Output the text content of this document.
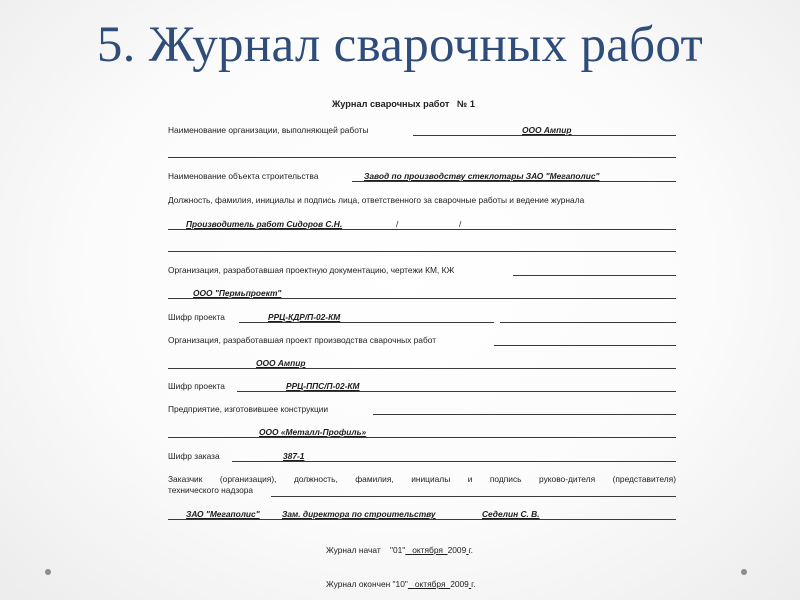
5. Журнал сварочных работ
Журнал сварочных работ № 1
Наименование организации, выполняющей работы	ООО Ампир
Наименование объекта строительства	Завод по производству стеклотары ЗАО "Мегаполис"
Должность, фамилия, инициалы и подпись лица, ответственного за сварочные работы и ведение журнала
Производитель работ Сидоров С.Н.	/	/
Организация, разработавшая проектную документацию, чертежи КМ, КЖ
ООО "Пермьпроект"
Шифр проекта	РРЦ-КДР/П-02-КМ
Организация, разработавшая проект производства сварочных работ
ООО Ампир
Шифр проекта	РРЦ-ППС/П-02-КМ
Предприятие, изготовившее конструкции
ООО «Металл-Профиль»
Шифр заказа	387-1
Заказчик (организация), должность, фамилия, инициалы и подпись руково-дителя (представителя)
технического надзора
ЗАО "Мегаполис"	Зам. директора по строительству	Седелин С. В.
Журнал начат    "01" октября 2009 г.
Журнал окончен "10" октября 2009 г.
